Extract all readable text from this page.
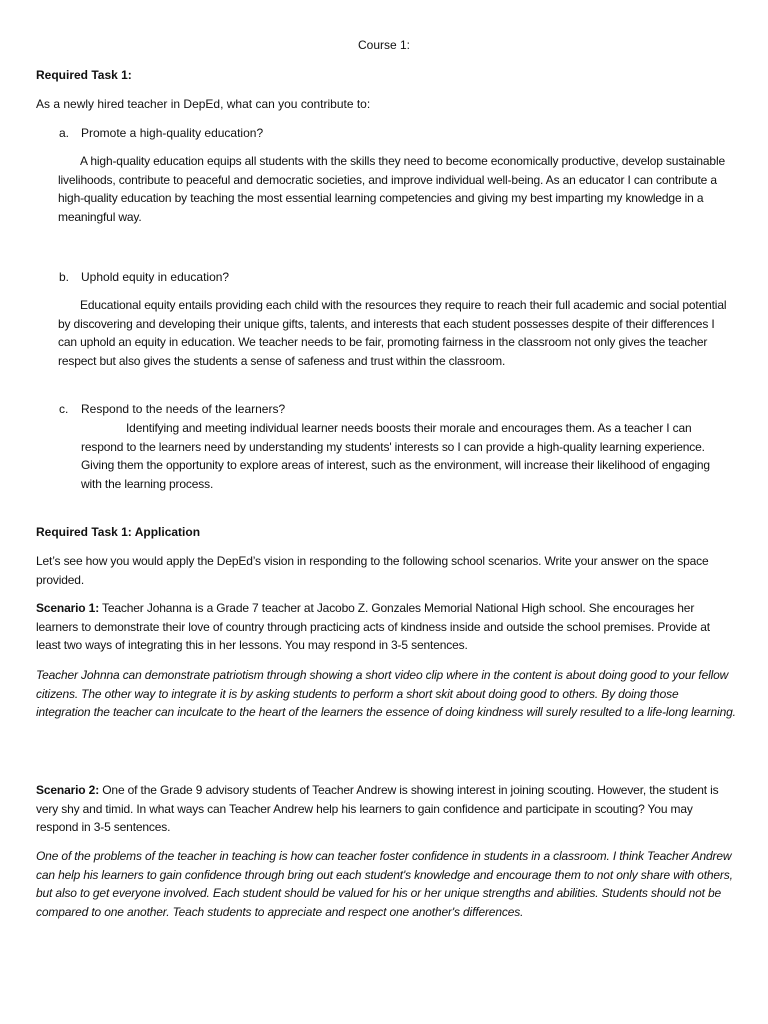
Course 1:

Required Task 1:

As a newly hired teacher in DepEd, what can you contribute to:

a. Promote a high-quality education?

A high-quality education equips all students with the skills they need to become economically productive, develop sustainable livelihoods, contribute to peaceful and democratic societies, and improve individual well-being. As an educator I can contribute a high-quality education by teaching the most essential learning competencies and giving my best imparting my knowledge in a meaningful way.

b. Uphold equity in education?

Educational equity entails providing each child with the resources they require to reach their full academic and social potential by discovering and developing their unique gifts, talents, and interests that each student possesses despite of their differences I can uphold an equity in education. We teacher needs to be fair, promoting fairness in the classroom not only gives the teacher respect but also gives the students a sense of safeness and trust within the classroom.

c. Respond to the needs of the learners?

Identifying and meeting individual learner needs boosts their morale and encourages them. As a teacher I can respond to the learners need by understanding my students' interests so I can provide a high-quality learning experience. Giving them the opportunity to explore areas of interest, such as the environment, will increase their likelihood of engaging with the learning process.

Required Task 1: Application

Let’s see how you would apply the DepEd’s vision in responding to the following school scenarios. Write your answer on the space provided.

Scenario 1: Teacher Johanna is a Grade 7 teacher at Jacobo Z. Gonzales Memorial National High school. She encourages her learners to demonstrate their love of country through practicing acts of kindness inside and outside the school premises. Provide at least two ways of integrating this in her lessons. You may respond in 3-5 sentences.

Teacher Johnna can demonstrate patriotism through showing a short video clip where in the content is about doing good to your fellow citizens. The other way to integrate it is by asking students to perform a short skit about doing good to others. By doing those integration the teacher can inculcate to the heart of the learners the essence of doing kindness will surely resulted to a life-long learning.

Scenario 2: One of the Grade 9 advisory students of Teacher Andrew is showing interest in joining scouting. However, the student is very shy and timid. In what ways can Teacher Andrew help his learners to gain confidence and participate in scouting? You may respond in 3-5 sentences.

One of the problems of the teacher in teaching is how can teacher foster confidence in students in a classroom. I think Teacher Andrew can help his learners to gain confidence through bring out each student's knowledge and encourage them to not only share with others, but also to get everyone involved. Each student should be valued for his or her unique strengths and abilities. Students should not be compared to one another. Teach students to appreciate and respect one another's differences.
